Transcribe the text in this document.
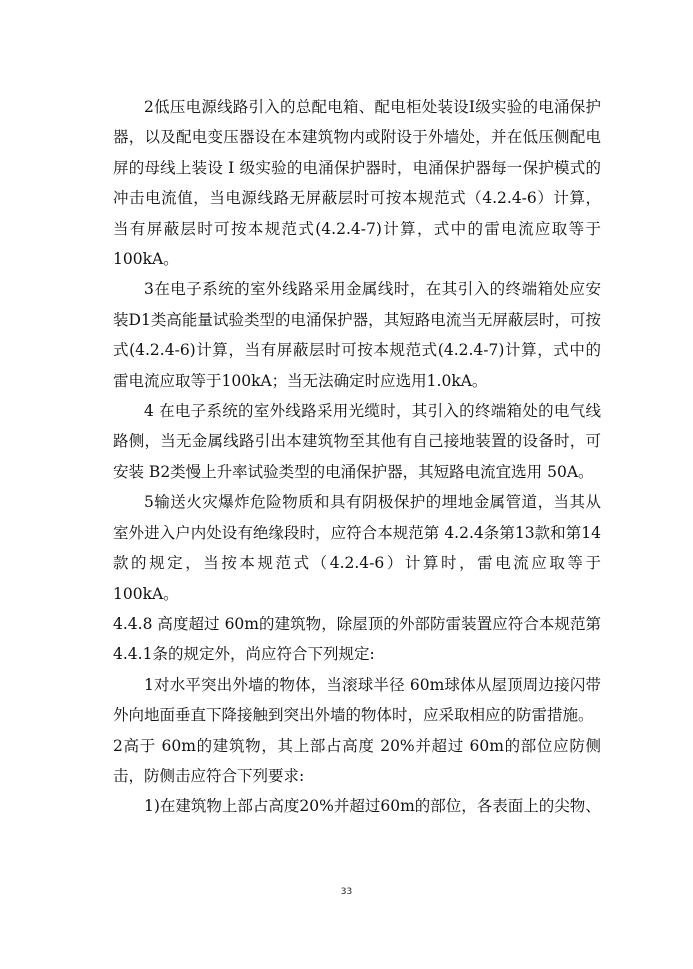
2低压电源线路引入的总配电箱、配电柜处装设Ⅰ级实验的电涌保护器，以及配电变压器设在本建筑物内或附设于外墙处，并在低压侧配电屏的母线上装设 Ⅰ 级实验的电涌保护器时，电涌保护器每一保护模式的冲击电流值，当电源线路无屏蔽层时可按本规范式（4.2.4-6）计算，当有屏蔽层时可按本规范式(4.2.4-7)计算，式中的雷电流应取等于100kA。

3在电子系统的室外线路采用金属线时，在其引入的终端箱处应安装D1类高能量试验类型的电涌保护器，其短路电流当无屏蔽层时，可按式(4.2.4-6)计算，当有屏蔽层时可按本规范式(4.2.4-7)计算，式中的雷电流应取等于100kA；当无法确定时应选用1.0kA。

4 在电子系统的室外线路采用光缆时，其引入的终端箱处的电气线路侧，当无金属线路引出本建筑物至其他有自己接地装置的设备时，可安装 B2类慢上升率试验类型的电涌保护器，其短路电流宜选用 50A。

5输送火灾爆炸危险物质和具有阴极保护的埋地金属管道，当其从室外进入户内处设有绝缘段时，应符合本规范第 4.2.4条第13款和第14款的规定，当按本规范式（4.2.4-6）计算时，雷电流应取等于100kA。

4.4.8 高度超过 60m的建筑物，除屋顶的外部防雷装置应符合本规范第4.4.1条的规定外，尚应符合下列规定:

1对水平突出外墙的物体，当滚球半径 60m球体从屋顶周边接闪带外向地面垂直下降接触到突出外墙的物体时，应采取相应的防雷措施。

2高于 60m的建筑物，其上部占高度 20%并超过 60m的部位应防侧击，防侧击应符合下列要求:

1)在建筑物上部占高度20%并超过60m的部位，各表面上的尖物、

33
